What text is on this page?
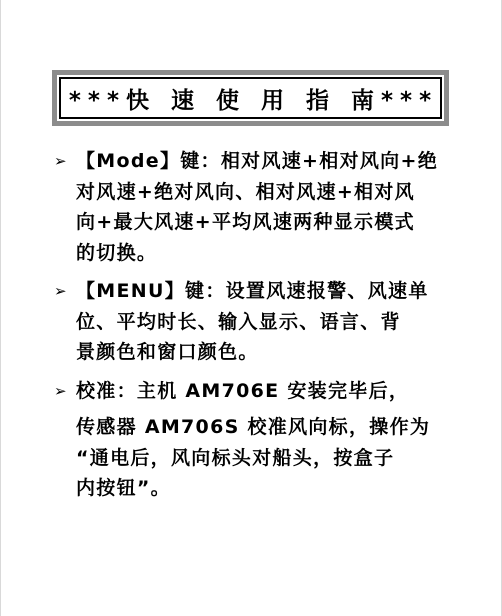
***快 速 使 用 指 南***
➢ 【Mode】键：相对风速+相对风向+绝
对风速+绝对风向、相对风速+相对风
向+最大风速+平均风速两种显示模式
的切换。
➢ 【MENU】键：设置风速报警、风速单
位、平均时长、输入显示、语言、背
景颜色和窗口颜色。
➢ 校准：主机 AM706E 安装完毕后，
传感器 AM706S 校准风向标，操作为
“通电后，风向标头对船头，按盒子
内按钮”。
